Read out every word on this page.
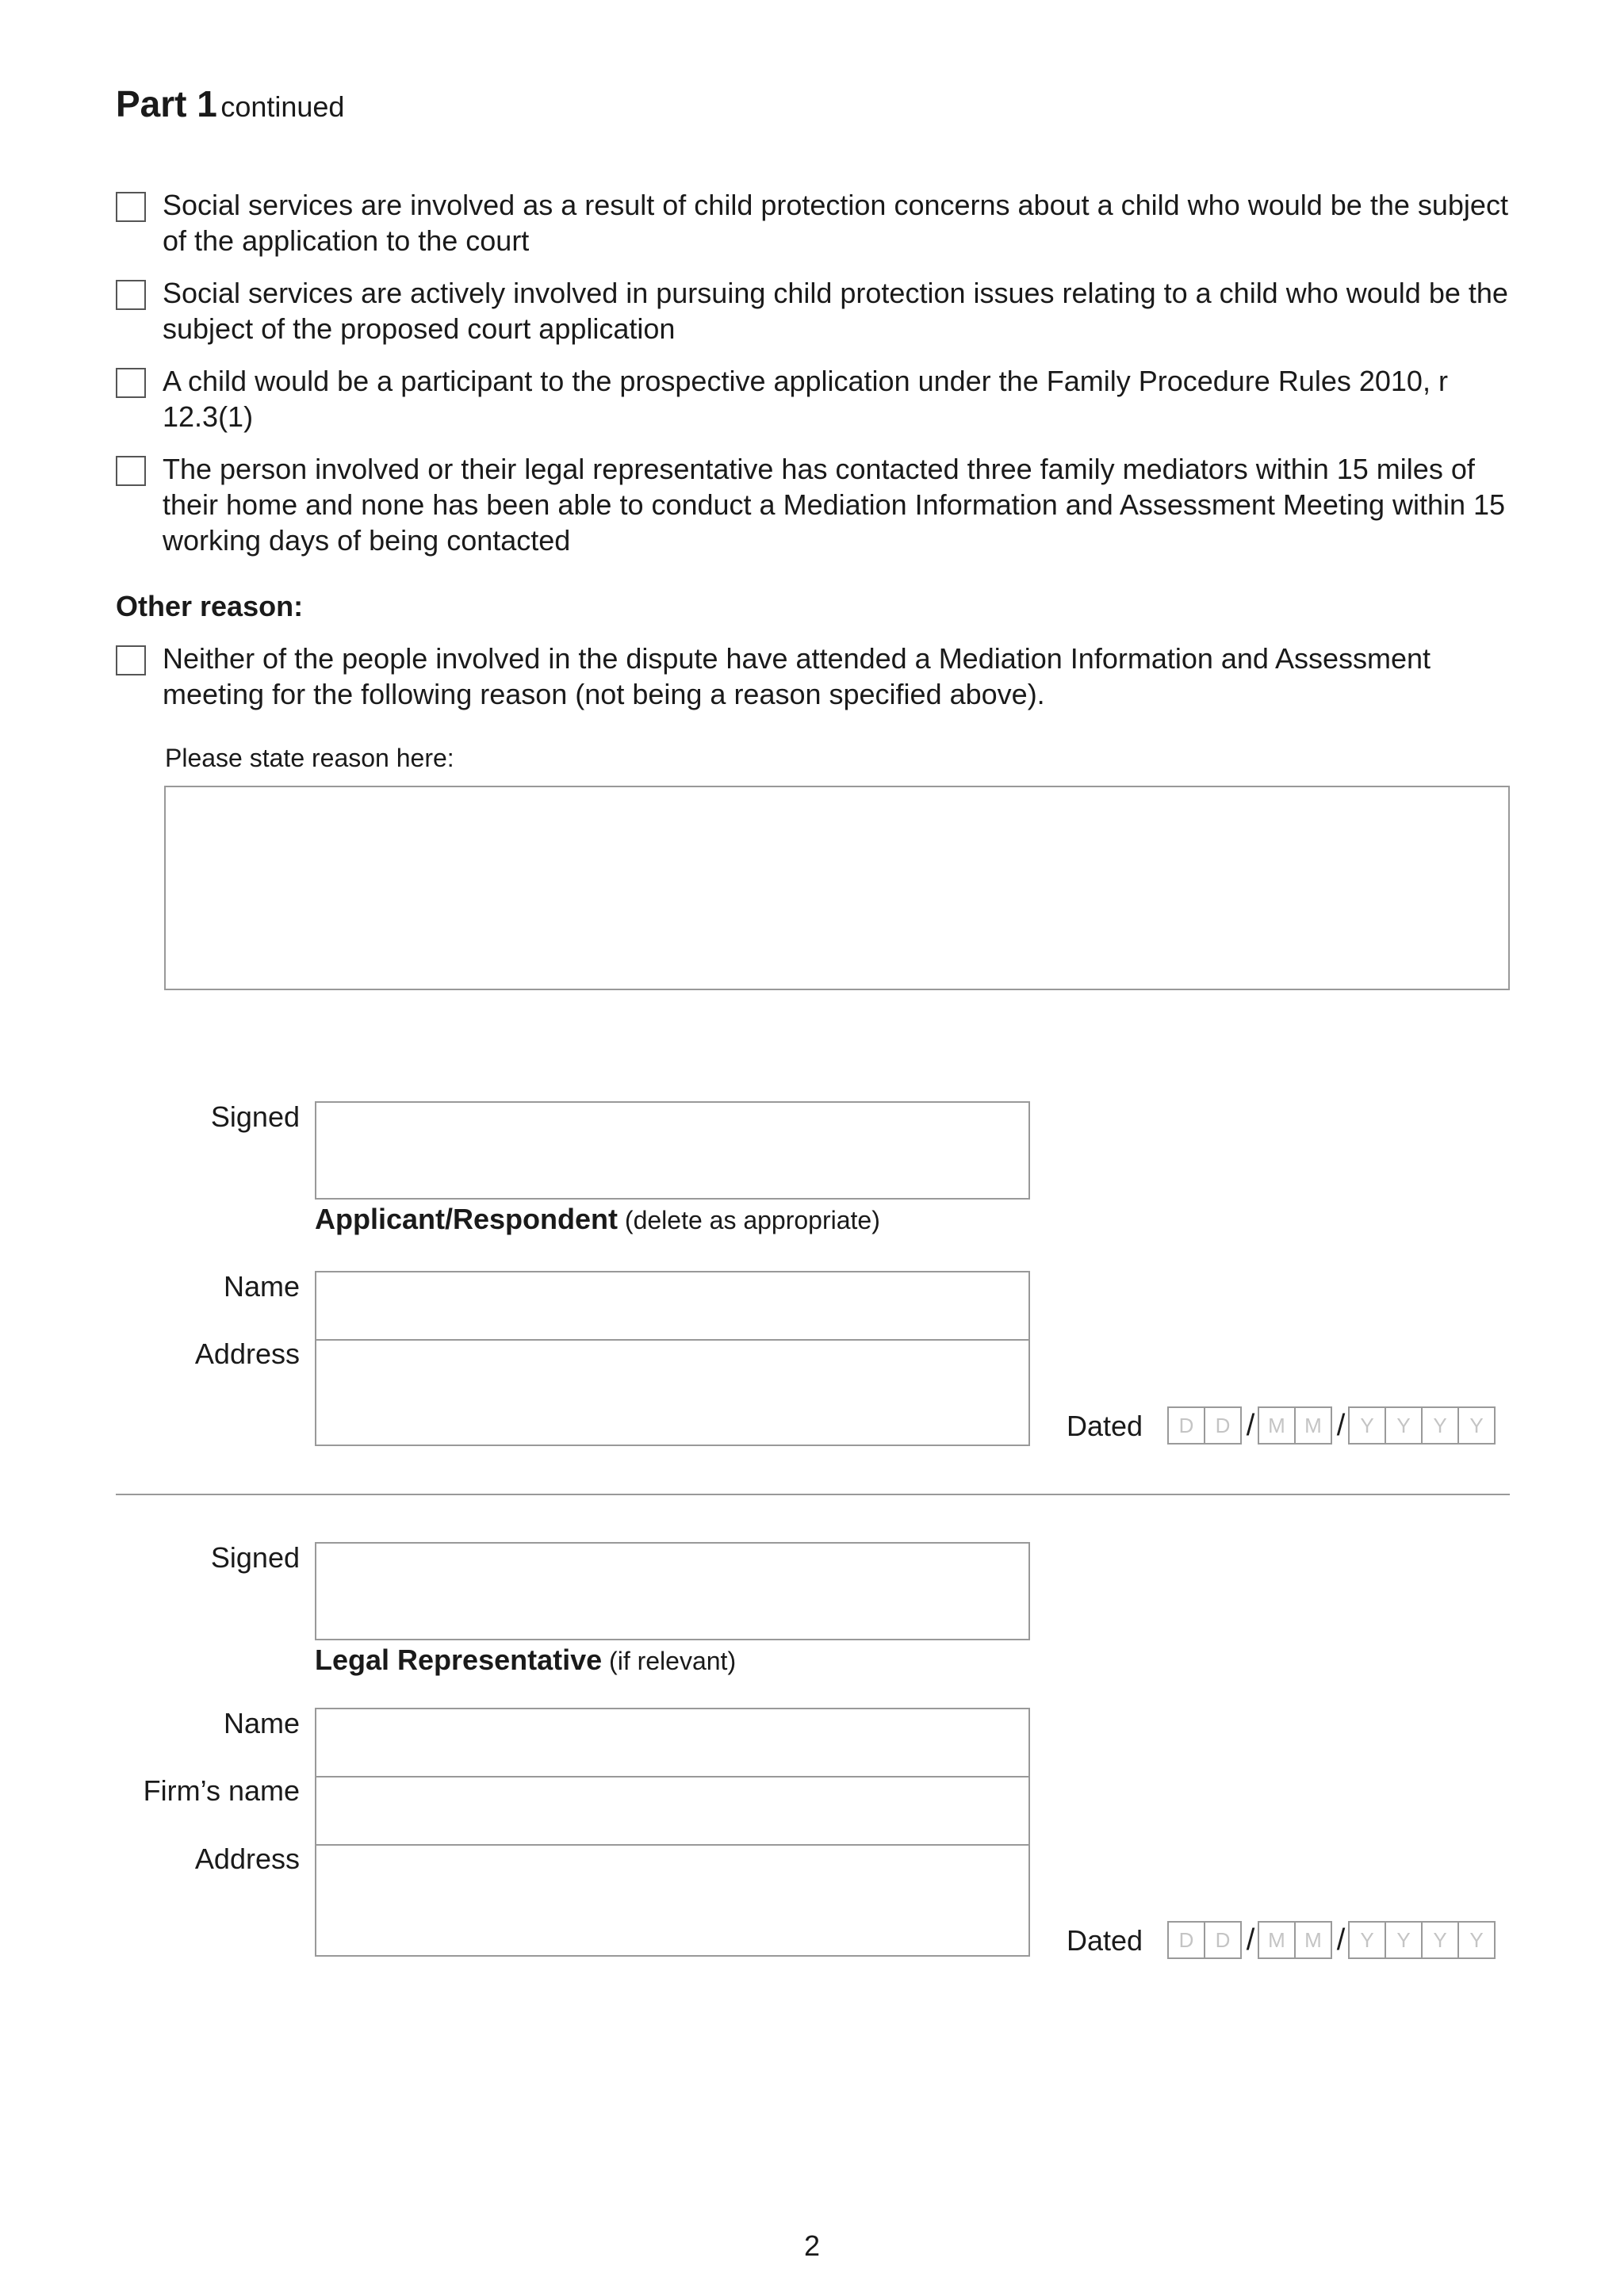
Part 1 continued
Social services are involved as a result of child protection concerns about a child who would be the subject of the application to the court
Social services are actively involved in pursuing child protection issues relating to a child who would be the subject of the proposed court application
A child would be a participant to the prospective application under the Family Procedure Rules 2010, r 12.3(1)
The person involved or their legal representative has contacted three family mediators within 15 miles of their home and none has been able to conduct a Mediation Information and Assessment Meeting within 15 working days of being contacted
Other reason:
Neither of the people involved in the dispute have attended a Mediation Information and Assessment meeting for the following reason (not being a reason specified above).
Please state reason here:
Signed
Applicant/Respondent (delete as appropriate)
Name
Address
Dated	D	D / M M / Y	Y	Y	Y
Signed
Legal Representative (if relevant)
Name
Firm’s name
Address
Dated	D	D / M M / Y	Y	Y	Y
2
